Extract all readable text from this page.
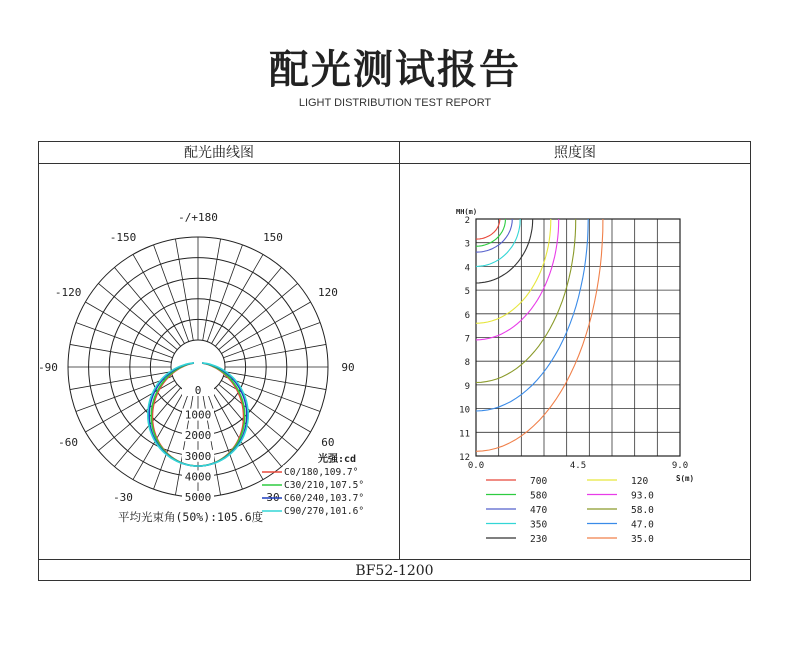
配光测试报告
LIGHT DISTRIBUTION TEST REPORT
配光曲线图	照度图
BF52-1200
-/+180
-150	150
-120	120
-90	90
-60	60
-30	30
0
1000
2000
3000
4000
5000
光强:cd
C0/180,109.7°
C30/210,107.5°
C60/240,103.7°
C90/270,101.6°
平均光束角(50%):105.6度
2
3
4
5
6
7
8
9
10
11
12
0.0	4.5	9.0
MH(m)
S(m)
700
580
470
350
230
120
93.0
58.0
47.0
35.0
